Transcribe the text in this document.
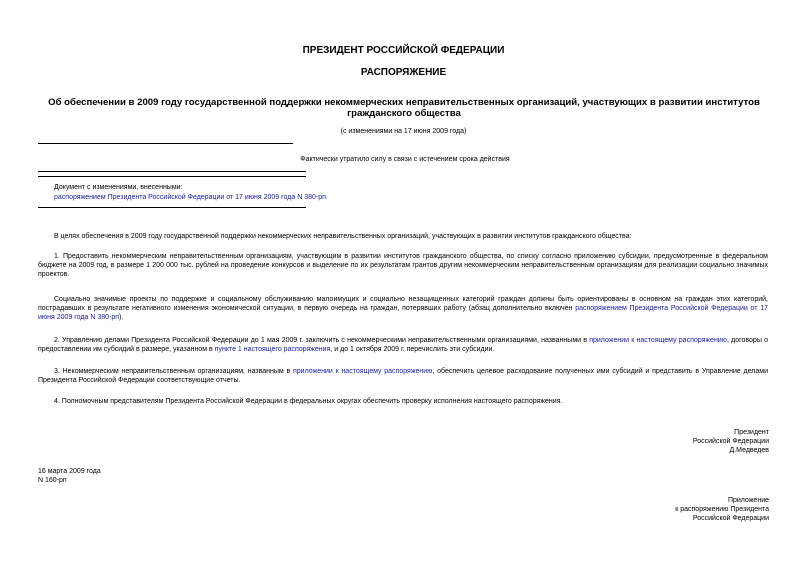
ПРЕЗИДЕНТ РОССИЙСКОЙ ФЕДЕРАЦИИ
РАСПОРЯЖЕНИЕ
Об обеспечении в 2009 году государственной поддержки некоммерческих неправительственных организаций, участвующих в развитии институтов гражданского общества
(с изменениями на 17 июня 2009 года)
Фактически утратило силу в связи с истечением срока действия
Документ с изменениями, внесенными:
распоряжением Президента Российской Федерации от 17 июня 2009 года N 380-рп.
В целях обеспечения в 2009 году государственной поддержки некоммерческих неправительственных организаций, участвующих в развитии институтов гражданского общества:
1. Предоставить некоммерческим неправительственным организациям, участвующим в развитии институтов гражданского общества, по списку согласно приложению субсидии, предусмотренные в федеральном бюджете на 2009 год, в размере 1 200 000 тыс. рублей на проведение конкурсов и выделение по их результатам грантов другим некоммерческим неправительственным организациям для реализации социально значимых проектов.
Социально значимые проекты по поддержке и социальному обслуживанию малоимущих и социально незащищенных категорий граждан должны быть ориентированы в основном на граждан этих категорий, пострадавших в результате негативного изменения экономической ситуации, в первую очередь на граждан, потерявших работу (абзац дополнительно включен распоряжением Президента Российской Федерации от 17 июня 2009 года N 380-рп).
2. Управлению делами Президента Российской Федерации до 1 мая 2009 г. заключить с некоммерческими неправительственными организациями, названными в приложении к настоящему распоряжению, договоры о предоставлении им субсидий в размере, указанном в пункте 1 настоящего распоряжения, и до 1 октября 2009 г. перечислить эти субсидии.
3. Некоммерческим неправительственным организациям, названным в приложении к настоящему распоряжению, обеспечить целевое расходование полученных ими субсидий и представить в Управление делами Президента Российской Федерации соответствующие отчеты.
4. Полномочным представителям Президента Российской Федерации в федеральных округах обеспечить проверку исполнения настоящего распоряжения.
Президент
Российской Федерации
Д.Медведев
16 марта 2009 года
N 160-рп
Приложение
к распоряжению Президента
Российской Федерации
